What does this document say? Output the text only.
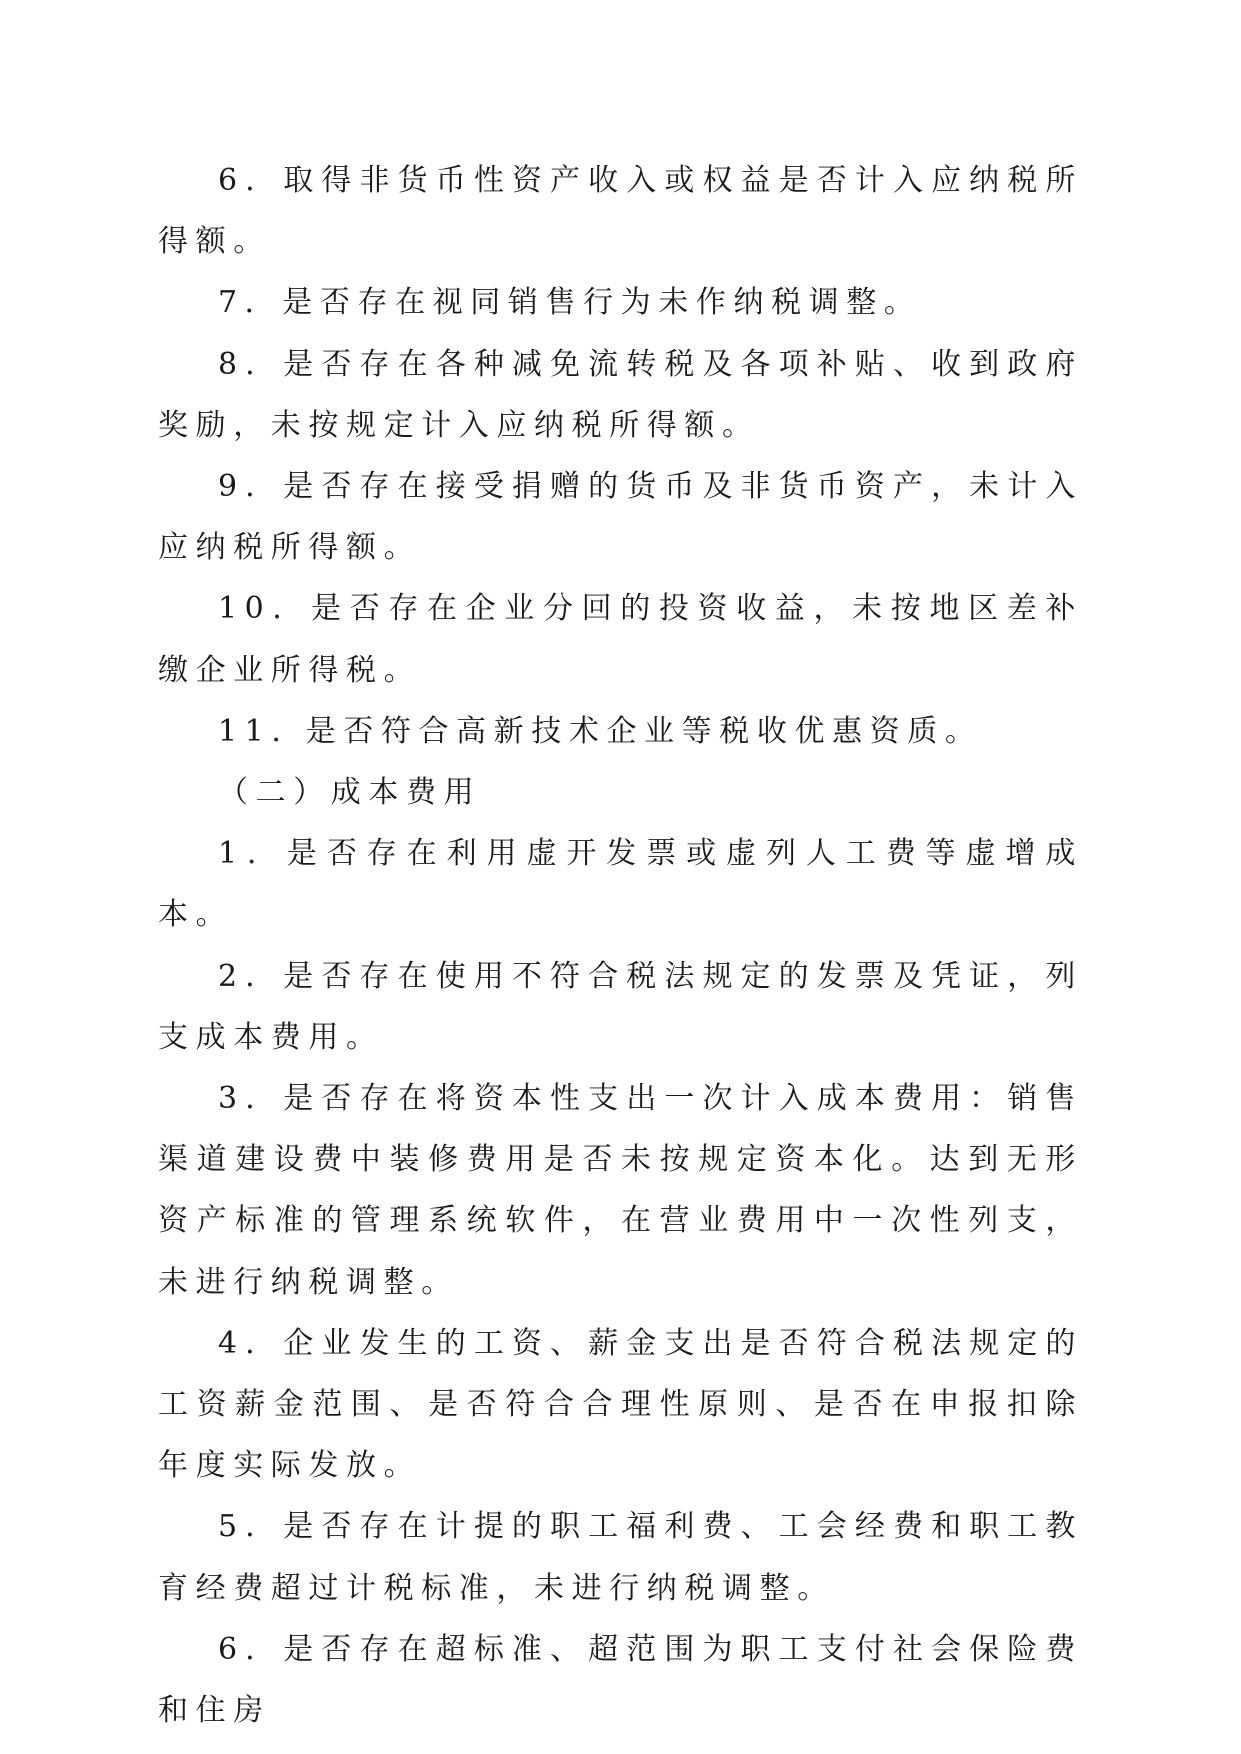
6．取得非货币性资产收入或权益是否计入应纳税所得额。

7．是否存在视同销售行为未作纳税调整。

8．是否存在各种减免流转税及各项补贴、收到政府奖励，未按规定计入应纳税所得额。

9．是否存在接受捐赠的货币及非货币资产，未计入应纳税所得额。

10．是否存在企业分回的投资收益，未按地区差补缴企业所得税。

11. 是否符合高新技术企业等税收优惠资质。

（二）成本费用

1．是否存在利用虚开发票或虚列人工费等虚增成本。

2．是否存在使用不符合税法规定的发票及凭证，列支成本费用。

3．是否存在将资本性支出一次计入成本费用：销售渠道建设费中装修费用是否未按规定资本化。达到无形资产标准的管理系统软件，在营业费用中一次性列支，未进行纳税调整。

4．企业发生的工资、薪金支出是否符合税法规定的工资薪金范围、是否符合合理性原则、是否在申报扣除年度实际发放。

5．是否存在计提的职工福利费、工会经费和职工教育经费超过计税标准，未进行纳税调整。

6．是否存在超标准、超范围为职工支付社会保险费和住房
